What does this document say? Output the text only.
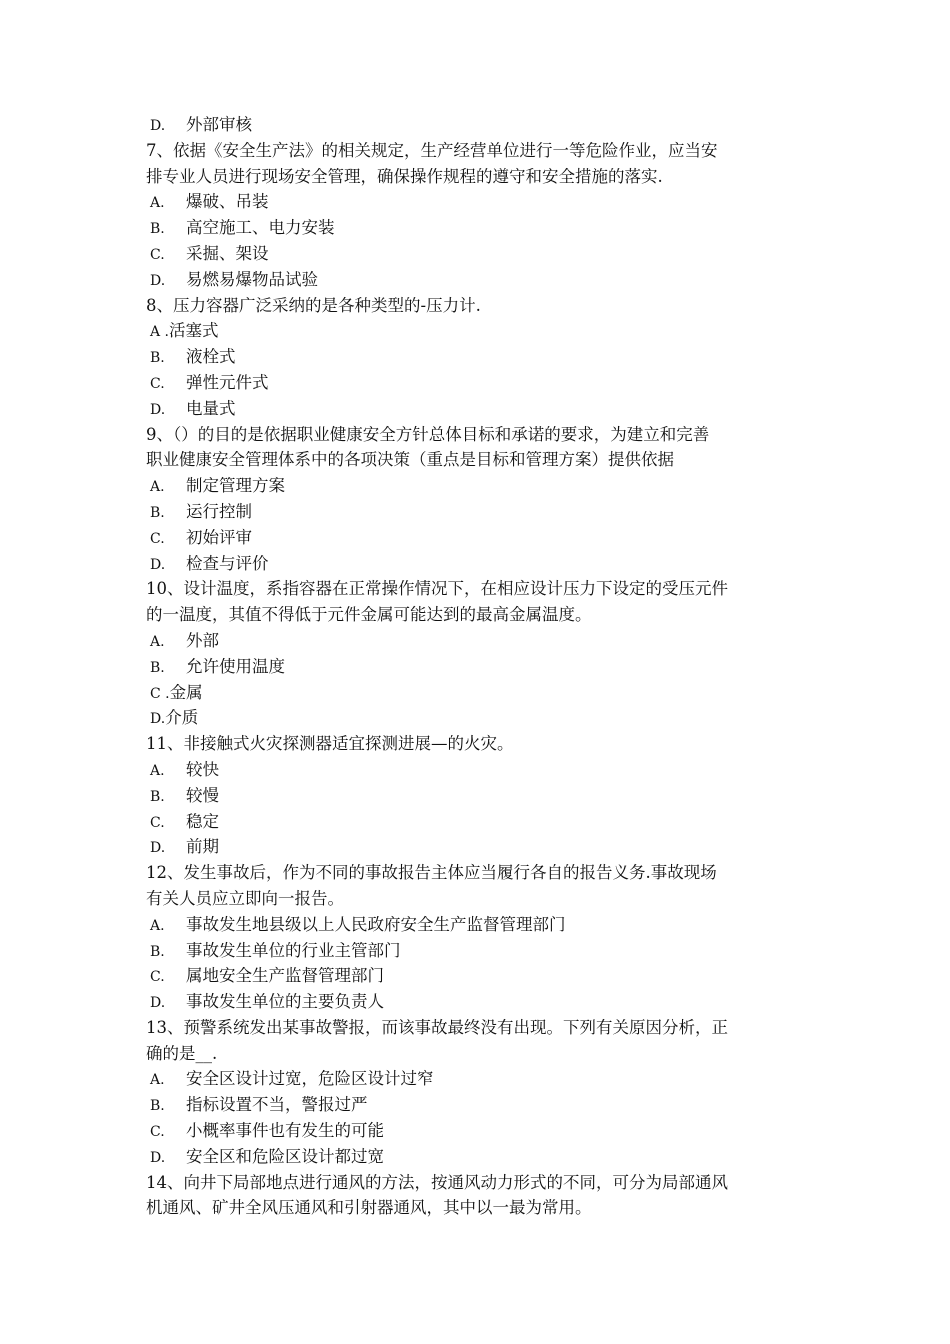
D. 外部审核
7、依据《安全生产法》的相关规定，生产经营单位进行一等危险作业，应当安
排专业人员进行现场安全管理，确保操作规程的遵守和安全措施的落实.
A. 爆破、吊装
B. 高空施工、电力安装
C. 采掘、架设
D. 易燃易爆物品试验
8、压力容器广泛采纳的是各种类型的-压力计.
A .活塞式
B. 液栓式
C. 弹性元件式
D. 电量式
9、（）的目的是依据职业健康安全方针总体目标和承诺的要求，为建立和完善
职业健康安全管理体系中的各项决策（重点是目标和管理方案）提供依据
A. 制定管理方案
B. 运行控制
C. 初始评审
D. 检查与评价
10、设计温度，系指容器在正常操作情况下，在相应设计压力下设定的受压元件
的一温度，其值不得低于元件金属可能达到的最高金属温度。
A. 外部
B. 允许使用温度
C .金属
D.介质
11、非接触式火灾探测器适宜探测进展—的火灾。
A. 较快
B. 较慢
C. 稳定
D. 前期
12、发生事故后，作为不同的事故报告主体应当履行各自的报告义务.事故现场
有关人员应立即向一报告。
A. 事故发生地县级以上人民政府安全生产监督管理部门
B. 事故发生单位的行业主管部门
C. 属地安全生产监督管理部门
D. 事故发生单位的主要负责人
13、预警系统发出某事故警报，而该事故最终没有出现。下列有关原因分析，正
确的是__.
A. 安全区设计过宽，危险区设计过窄
B. 指标设置不当，警报过严
C. 小概率事件也有发生的可能
D. 安全区和危险区设计都过宽
14、向井下局部地点进行通风的方法，按通风动力形式的不同，可分为局部通风
机通风、矿井全风压通风和引射器通风，其中以一最为常用。
